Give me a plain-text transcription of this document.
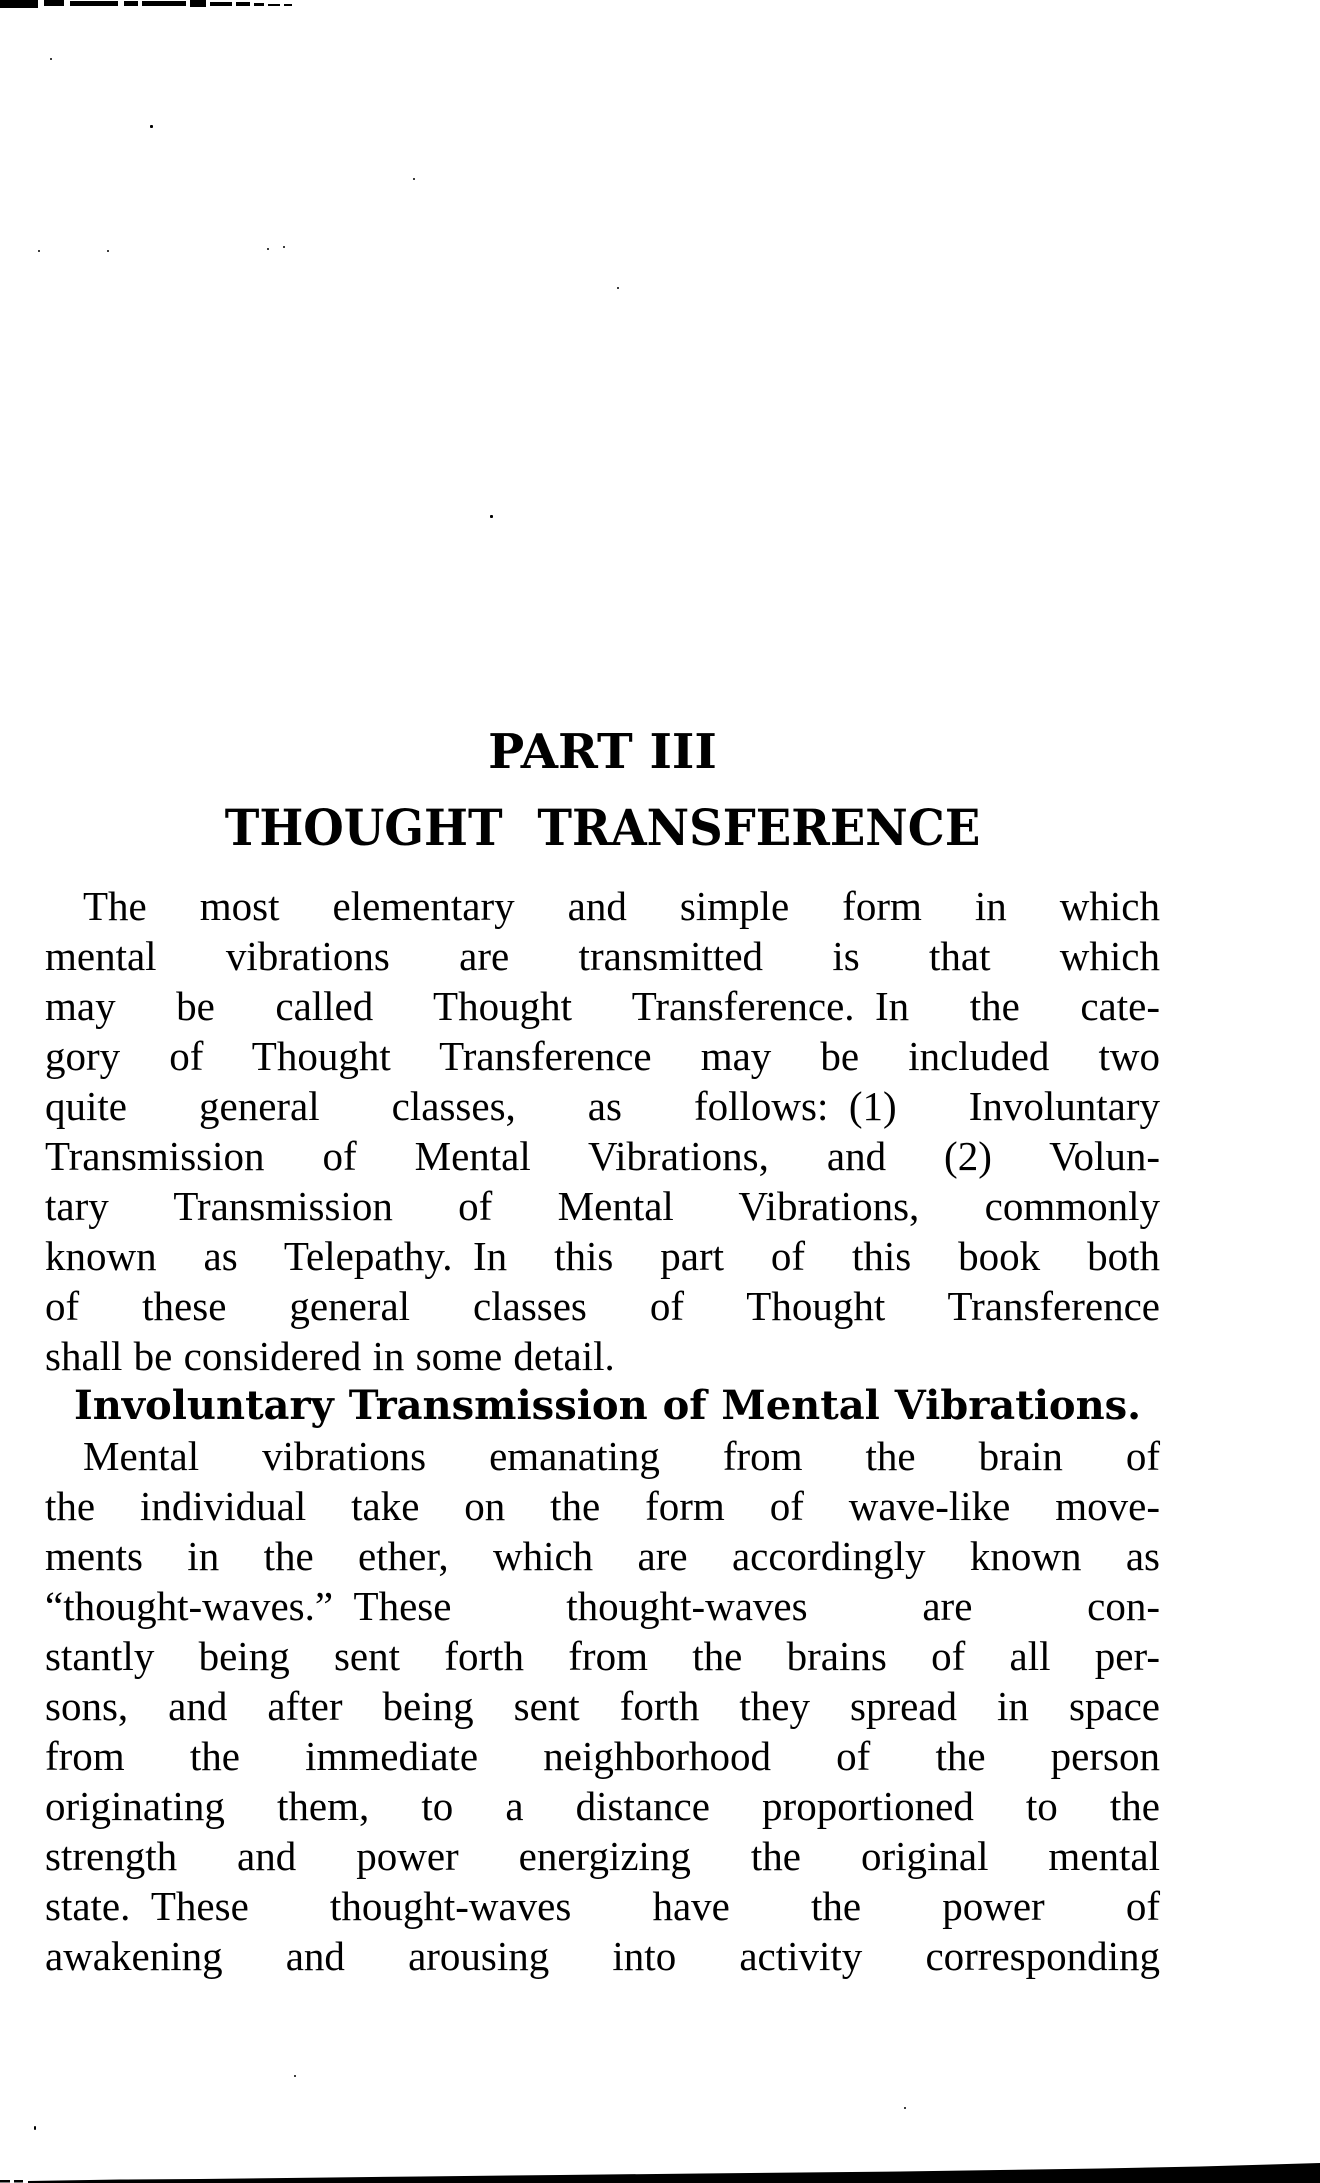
PART III
THOUGHT TRANSFERENCE
The most elementary and simple form in which
mental vibrations are transmitted is that which
may be called Thought Transference. In the cate-
gory of Thought Transference may be included two
quite general classes, as follows: (1) Involuntary
Transmission of Mental Vibrations, and (2) Volun-
tary Transmission of Mental Vibrations, commonly
known as Telepathy. In this part of this book both
of these general classes of Thought Transference
shall be considered in some detail.
Involuntary Transmission of Mental Vibrations.
Mental vibrations emanating from the brain of
the individual take on the form of wave-like move-
ments in the ether, which are accordingly known as
“thought-waves.” These thought-waves are con-
stantly being sent forth from the brains of all per-
sons, and after being sent forth they spread in space
from the immediate neighborhood of the person
originating them, to a distance proportioned to the
strength and power energizing the original mental
state. These thought-waves have the power of
awakening and arousing into activity corresponding
